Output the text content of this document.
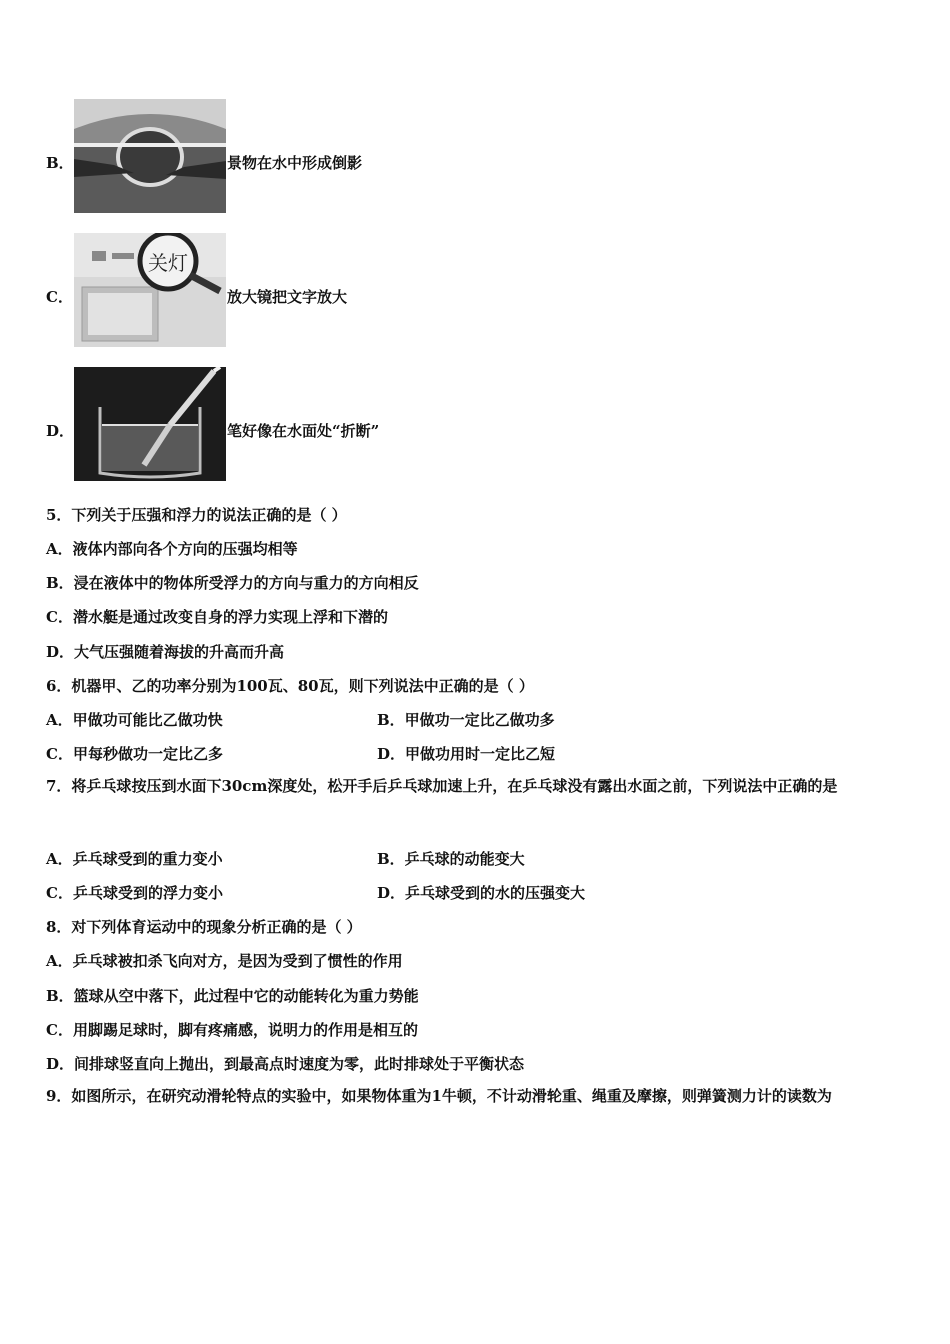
B．	景物在水中形成倒影
C．
关灯
放大镜把文字放大
D．	笔好像在水面处“折断”
5．下列关于压强和浮力的说法正确的是（ ）
A．液体内部向各个方向的压强均相等
B．浸在液体中的物体所受浮力的方向与重力的方向相反
C．潜水艇是通过改变自身的浮力实现上浮和下潜的
D．大气压强随着海拔的升高而升高
6．机器甲、乙的功率分别为100瓦、80瓦，则下列说法中正确的是（ ）
A．甲做功可能比乙做功快	B．甲做功一定比乙做功多
C．甲每秒做功一定比乙多	D．甲做功用时一定比乙短
7．将乒乓球按压到水面下30cm深度处，松开手后乒乓球加速上升，在乒乓球没有露出水面之前，下列说法中正确的是
A．乒乓球受到的重力变小	B．乒乓球的动能变大
C．乒乓球受到的浮力变小	D．乒乓球受到的水的压强变大
8．对下列体育运动中的现象分析正确的是（ ）
A．乒乓球被扣杀飞向对方，是因为受到了惯性的作用
B．篮球从空中落下，此过程中它的动能转化为重力势能
C．用脚踢足球时，脚有疼痛感，说明力的作用是相互的
D．间排球竖直向上抛出，到最高点时速度为零，此时排球处于平衡状态
9．如图所示，在研究动滑轮特点的实验中，如果物体重为1牛顿，不计动滑轮重、绳重及摩擦，则弹簧测力计的读数为
